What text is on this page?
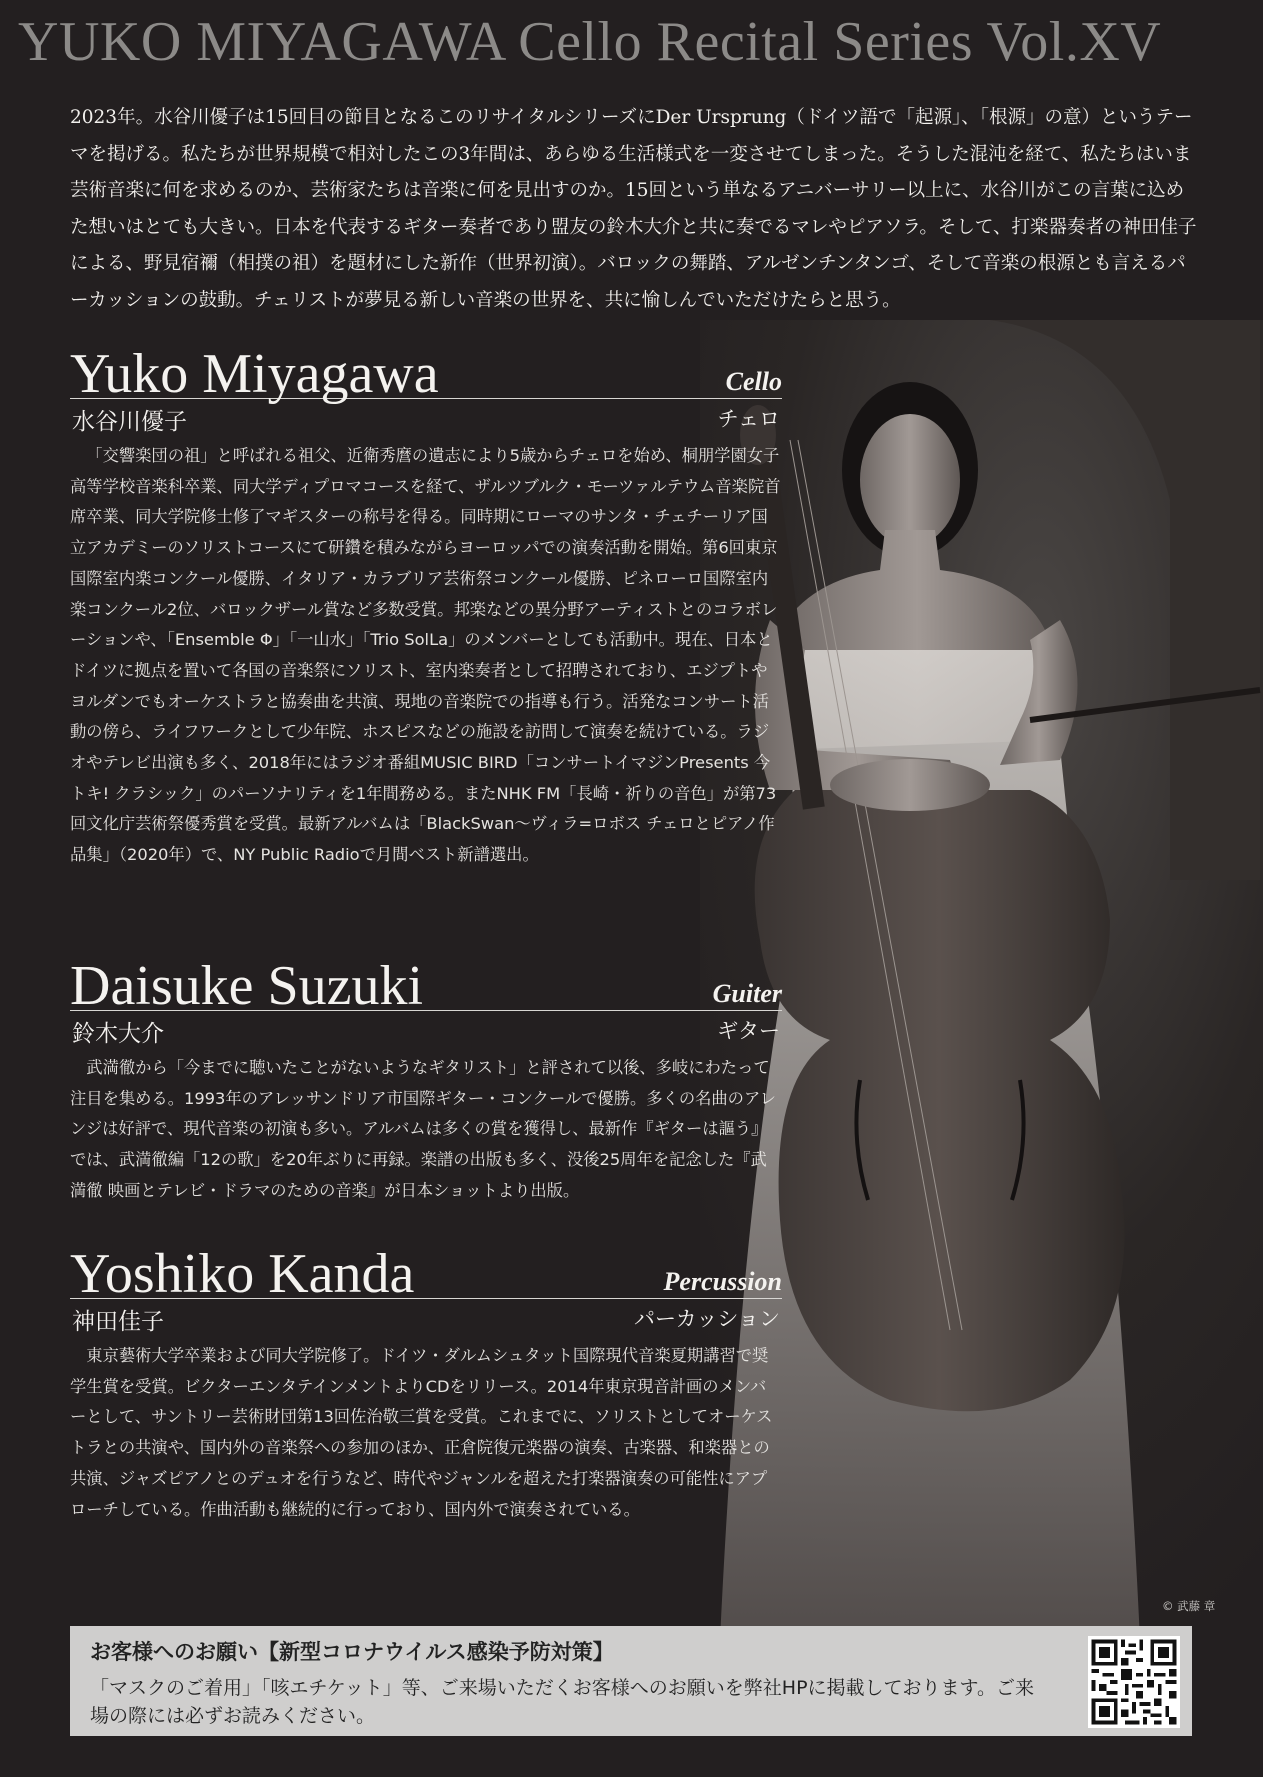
YUKO MIYAGAWA Cello Recital Series Vol.XV

2023年。水谷川優子は15回目の節目となるこのリサイタルシリーズにDer Ursprung（ドイツ語で「起源」、「根源」の意）というテーマを掲げる。私たちが世界規模で相対したこの3年間は、あらゆる生活様式を一変させてしまった。そうした混沌を経て、私たちはいま芸術音楽に何を求めるのか、芸術家たちは音楽に何を見出すのか。15回という単なるアニバーサリー以上に、水谷川がこの言葉に込めた想いはとても大きい。日本を代表するギター奏者であり盟友の鈴木大介と共に奏でるマレやピアソラ。そして、打楽器奏者の神田佳子による、野見宿禰（相撲の祖）を題材にした新作（世界初演）。バロックの舞踏、アルゼンチンタンゴ、そして音楽の根源とも言えるパーカッションの鼓動。チェリストが夢見る新しい音楽の世界を、共に愉しんでいただけたらと思う。

Yuko Miyagawa	Cello
水谷川優子	チェロ

「交響楽団の祖」と呼ばれる祖父、近衛秀麿の遺志により5歳からチェロを始め、桐朋学園女子高等学校音楽科卒業、同大学ディプロマコースを経て、ザルツブルク・モーツァルテウム音楽院首席卒業、同大学院修士修了マギスターの称号を得る。同時期にローマのサンタ・チェチーリア国立アカデミーのソリストコースにて研鑽を積みながらヨーロッパでの演奏活動を開始。第6回東京国際室内楽コンクール優勝、イタリア・カラブリア芸術祭コンクール優勝、ピネローロ国際室内楽コンクール2位、バロックザール賞など多数受賞。邦楽などの異分野アーティストとのコラボレーションや、「Ensemble Φ」「一山水」「Trio SolLa」のメンバーとしても活動中。現在、日本とドイツに拠点を置いて各国の音楽祭にソリスト、室内楽奏者として招聘されており、エジプトやヨルダンでもオーケストラと協奏曲を共演、現地の音楽院での指導も行う。活発なコンサート活動の傍ら、ライフワークとして少年院、ホスピスなどの施設を訪問して演奏を続けている。ラジオやテレビ出演も多く、2018年にはラジオ番組MUSIC BIRD「コンサートイマジンPresents 今トキ! クラシック」のパーソナリティを1年間務める。またNHK FM「長崎・祈りの音色」が第73回文化庁芸術祭優秀賞を受賞。最新アルバムは「BlackSwan〜ヴィラ=ロボス チェロとピアノ作品集」（2020年）で、NY Public Radioで月間ベスト新譜選出。

Daisuke Suzuki	Guiter
鈴木大介	ギター

武満徹から「今までに聴いたことがないようなギタリスト」と評されて以後、多岐にわたって注目を集める。1993年のアレッサンドリア市国際ギター・コンクールで優勝。多くの名曲のアレンジは好評で、現代音楽の初演も多い。アルバムは多くの賞を獲得し、最新作『ギターは謳う』では、武満徹編「12の歌」を20年ぶりに再録。楽譜の出版も多く、没後25周年を記念した『武満徹 映画とテレビ・ドラマのための音楽』が日本ショットより出版。

Yoshiko Kanda	Percussion
神田佳子	パーカッション

東京藝術大学卒業および同大学院修了。ドイツ・ダルムシュタット国際現代音楽夏期講習で奨学生賞を受賞。ビクターエンタテインメントよりCDをリリース。2014年東京現音計画のメンバーとして、サントリー芸術財団第13回佐治敬三賞を受賞。これまでに、ソリストとしてオーケストラとの共演や、国内外の音楽祭への参加のほか、正倉院復元楽器の演奏、古楽器、和楽器との共演、ジャズピアノとのデュオを行うなど、時代やジャンルを超えた打楽器演奏の可能性にアプローチしている。作曲活動も継続的に行っており、国内外で演奏されている。

© 武藤 章
お客様へのお願い【新型コロナウイルス感染予防対策】

「マスクのご着用」「咳エチケット」等、ご来場いただくお客様へのお願いを弊社HPに掲載しております。ご来場の際には必ずお読みください。
